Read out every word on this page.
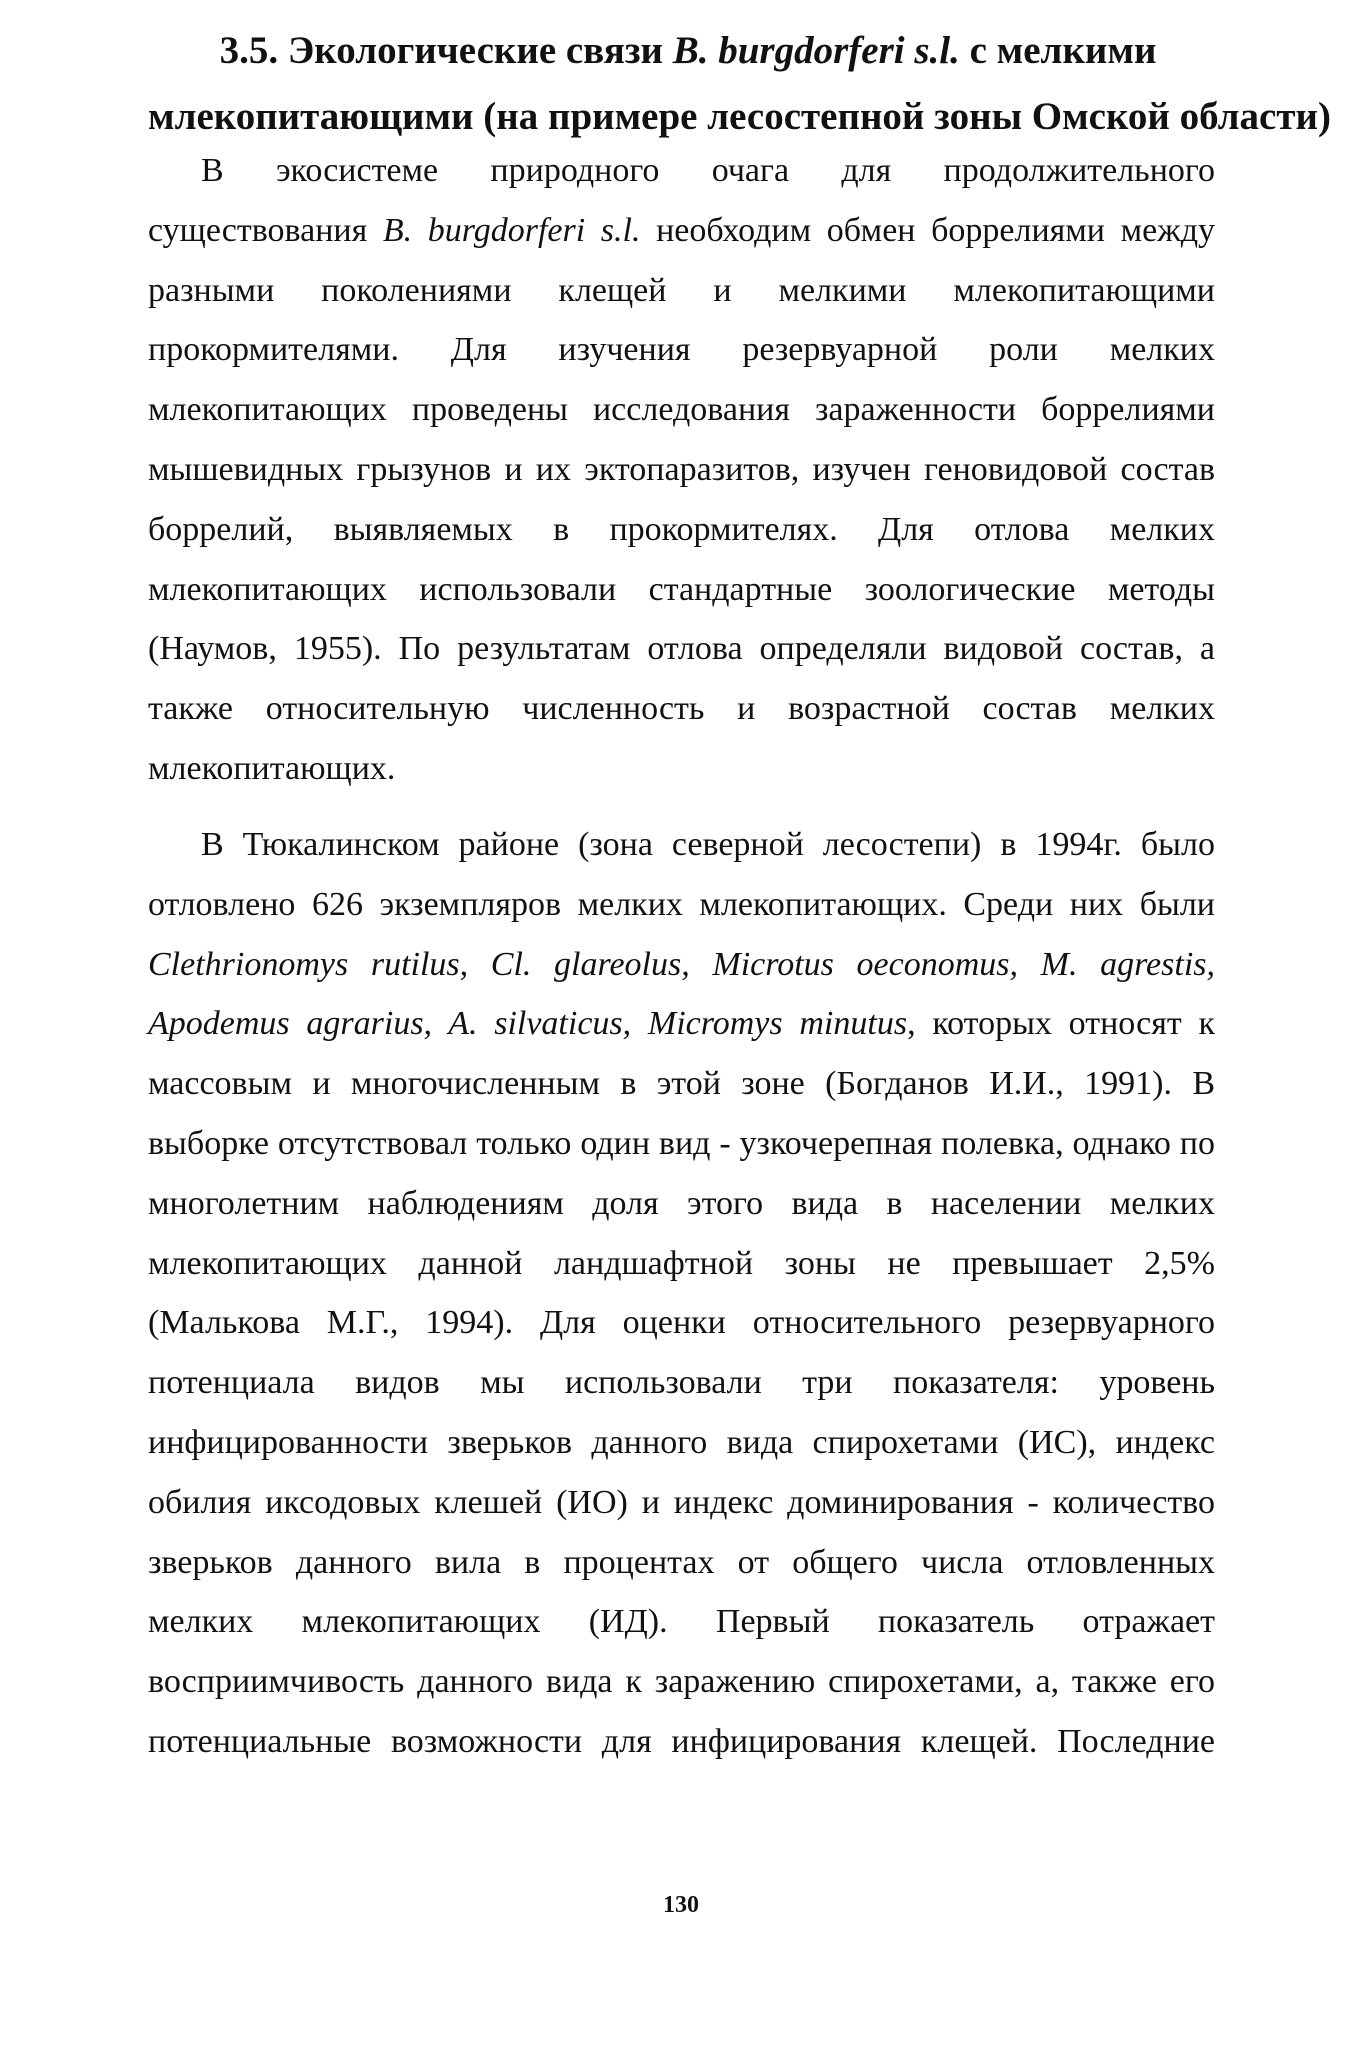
3.5. Экологические связи B. burgdorferi s.l. с мелкими
млекопитающими (на примере лесостепной зоны Омской области)
В экосистеме природного очага для продолжительного
существования B. burgdorferi s.l. необходим обмен боррелиями между
разными поколениями клещей и мелкими млекопитающими
прокормителями. Для изучения резервуарной роли мелких
млекопитающих проведены исследования зараженности боррелиями
мышевидных грызунов и их эктопаразитов, изучен геновидовой состав
боррелий, выявляемых в прокормителях. Для отлова мелких
млекопитающих использовали стандартные зоологические методы
(Наумов, 1955). По результатам отлова определяли видовой состав, а
также относительную численность и возрастной состав мелких
млекопитающих.
В Тюкалинском районе (зона северной лесостепи) в 1994г. было
отловлено 626 экземпляров мелких млекопитающих. Среди них были
Clethrionomys rutilus, Cl. glareolus, Microtus oeconomus, M. agrestis,
Apodemus agrarius, A. silvaticus, Micromys minutus, которых относят к
массовым и многочисленным в этой зоне (Богданов И.И., 1991). В
выборке отсутствовал только один вид - узкочерепная полевка, однако по
многолетним наблюдениям доля этого вида в населении мелких
млекопитающих данной ландшафтной зоны не превышает 2,5%
(Малькова М.Г., 1994). Для оценки относительного резервуарного
потенциала видов мы использовали три показателя: уровень
инфицированности зверьков данного вида спирохетами (ИС), индекс
обилия иксодовых клешей (ИО) и индекс доминирования - количество
зверьков данного вила в процентах от общего числа отловленных
мелких млекопитающих (ИД). Первый показатель отражает
восприимчивость данного вида к заражению спирохетами, а, также его
потенциальные возможности для инфицирования клещей. Последние
130
